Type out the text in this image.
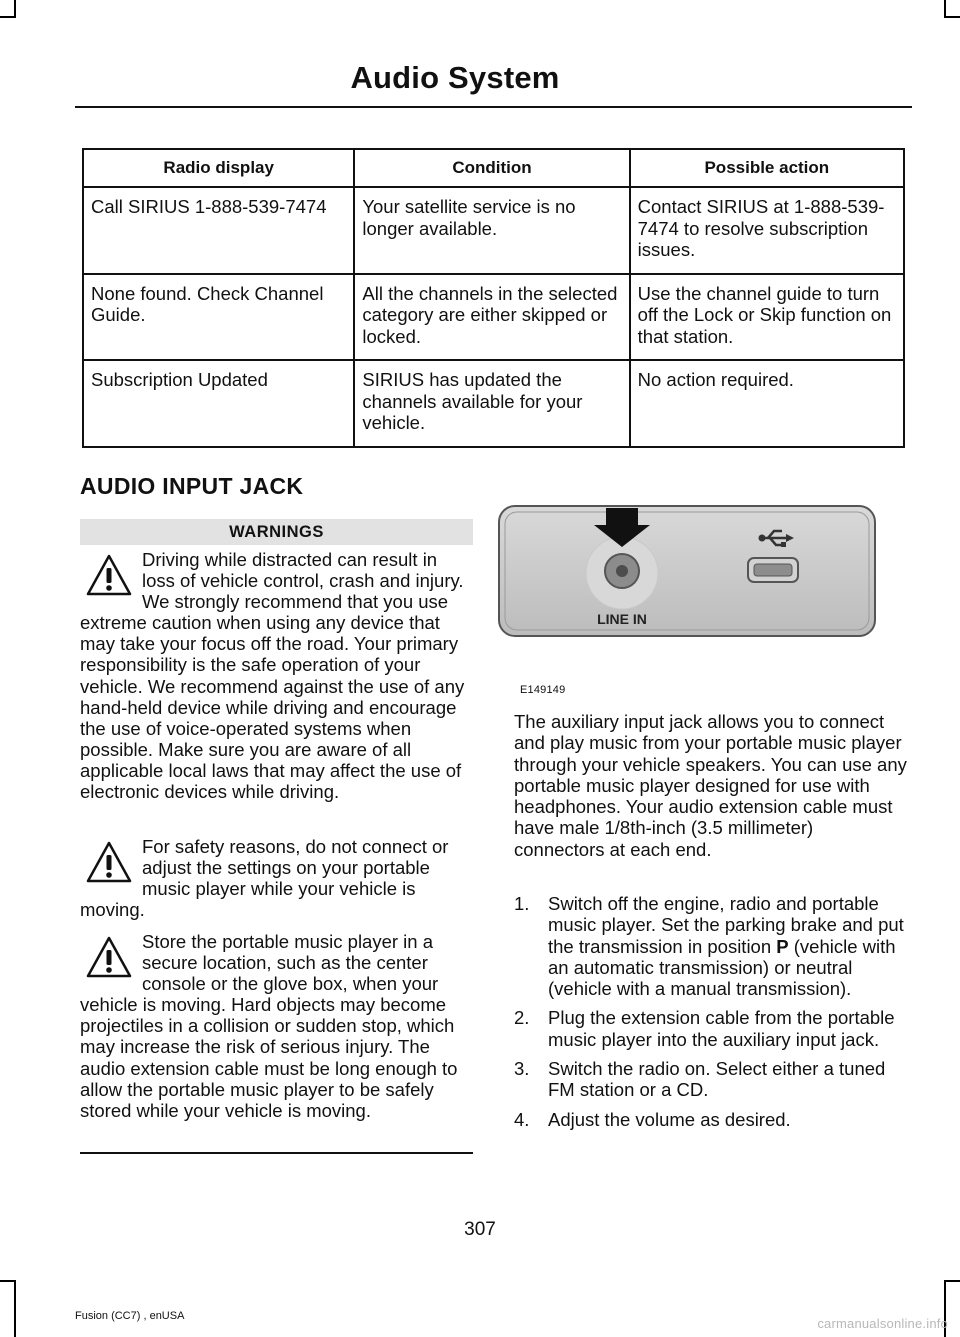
Audio System
Radio display	Condition	Possible action
Call SIRIUS 1-888-539-7474	Your satellite service is no longer available.	Contact SIRIUS at 1-888-539-7474 to resolve subscription issues.
None found. Check Channel Guide.	All the channels in the selected category are either skipped or locked.	Use the channel guide to turn off the Lock or Skip function on that station.
Subscription Updated	SIRIUS has updated the channels available for your vehicle.	No action required.
AUDIO INPUT JACK
WARNINGS

Driving while distracted can result in loss of vehicle control, crash and injury. We strongly recommend that you use extreme caution when using any device that may take your focus off the road. Your primary responsibility is the safe operation of your vehicle. We recommend against the use of any hand-held device while driving and encourage the use of voice-operated systems when possible. Make sure you are aware of all applicable local laws that may affect the use of electronic devices while driving.

For safety reasons, do not connect or adjust the settings on your portable music player while your vehicle is moving.

Store the portable music player in a secure location, such as the center console or the glove box, when your vehicle is moving. Hard objects may become projectiles in a collision or sudden stop, which may increase the risk of serious injury. The audio extension cable must be long enough to allow the portable music player to be safely stored while your vehicle is moving.

LINE IN
E149149

The auxiliary input jack allows you to connect and play music from your portable music player through your vehicle speakers. You can use any portable music player designed for use with headphones. Your audio extension cable must have male 1/8th-inch (3.5 millimeter) connectors at each end.

1. Switch off the engine, radio and portable music player. Set the parking brake and put the transmission in position P (vehicle with an automatic transmission) or neutral (vehicle with a manual transmission).
2. Plug the extension cable from the portable music player into the auxiliary input jack.
3. Switch the radio on. Select either a tuned FM station or a CD.
4. Adjust the volume as desired.
307
Fusion (CC7) , enUSA	carmanualsonline.info
